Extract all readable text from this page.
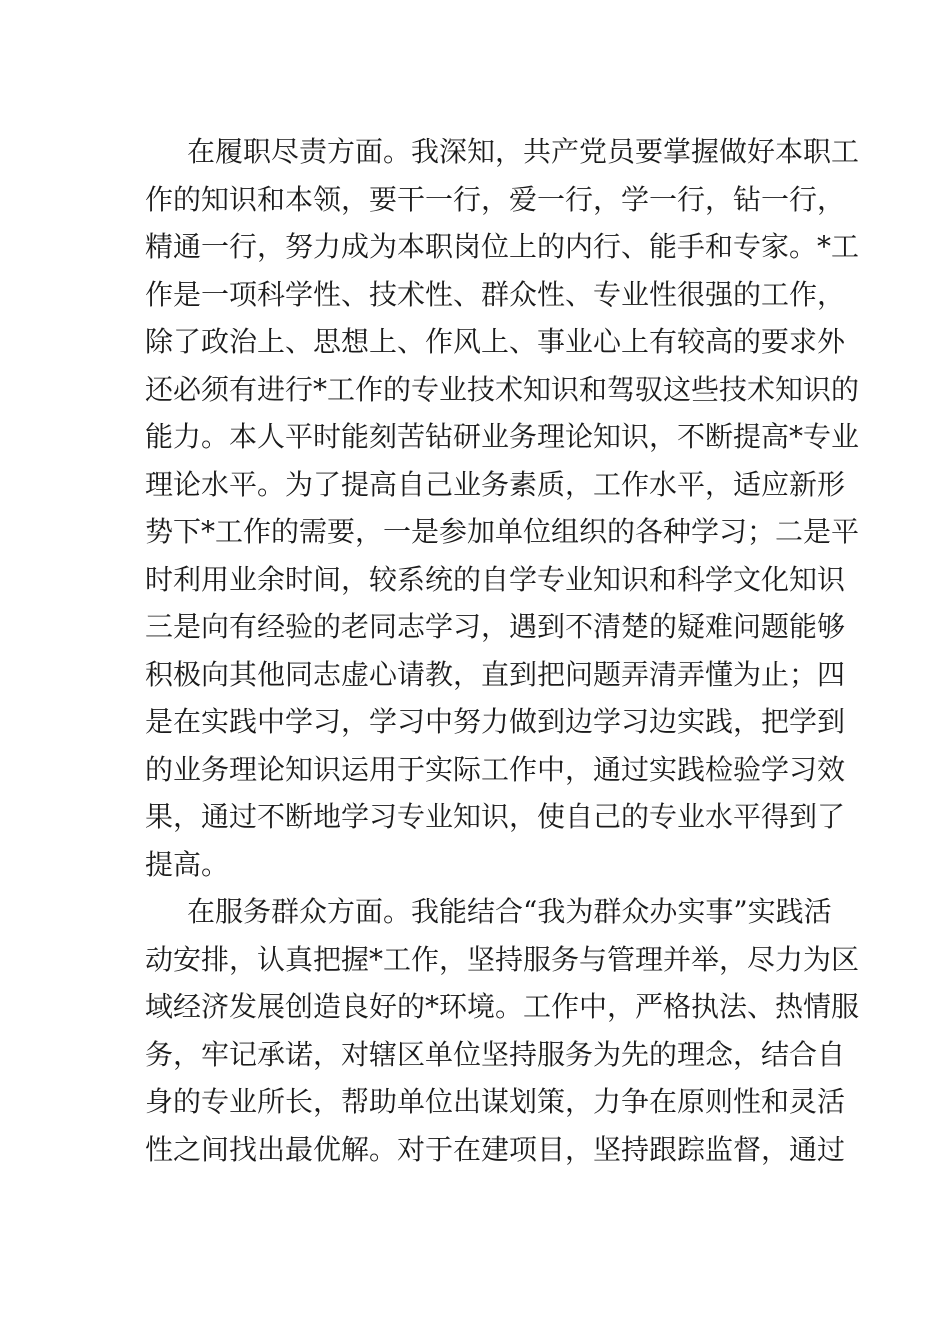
在履职尽责方面。我深知，共产党员要掌握做好本职工
作的知识和本领，要干一行，爱一行，学一行，钻一行，
精通一行，努力成为本职岗位上的内行、能手和专家。*工
作是一项科学性、技术性、群众性、专业性很强的工作，
除了政治上、思想上、作风上、事业心上有较高的要求外
还必须有进行*工作的专业技术知识和驾驭这些技术知识的
能力。本人平时能刻苦钻研业务理论知识，不断提高*专业
理论水平。为了提高自己业务素质，工作水平，适应新形
势下*工作的需要，一是参加单位组织的各种学习；二是平
时利用业余时间，较系统的自学专业知识和科学文化知识
三是向有经验的老同志学习，遇到不清楚的疑难问题能够
积极向其他同志虚心请教，直到把问题弄清弄懂为止；四
是在实践中学习，学习中努力做到边学习边实践，把学到
的业务理论知识运用于实际工作中，通过实践检验学习效
果，通过不断地学习专业知识，使自己的专业水平得到了
提高。
在服务群众方面。我能结合“我为群众办实事”实践活
动安排，认真把握*工作，坚持服务与管理并举，尽力为区
域经济发展创造良好的*环境。工作中，严格执法、热情服
务，牢记承诺，对辖区单位坚持服务为先的理念，结合自
身的专业所长，帮助单位出谋划策，力争在原则性和灵活
性之间找出最优解。对于在建项目，坚持跟踪监督，通过
